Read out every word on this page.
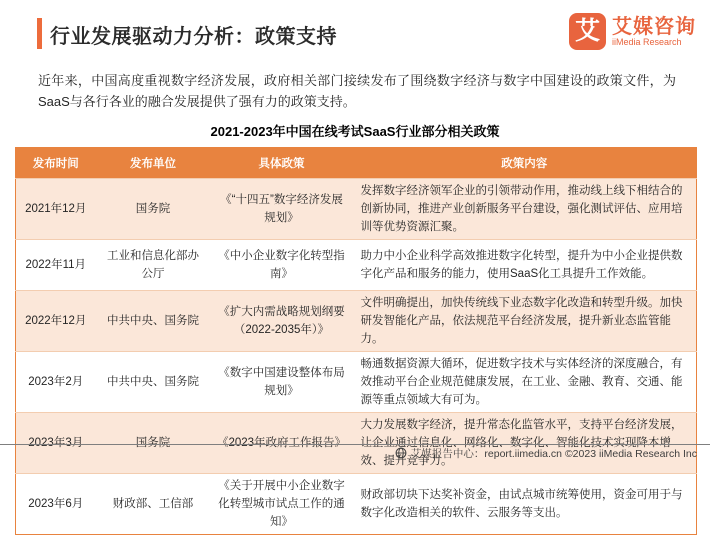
行业发展驱动力分析：政策支持	艾 艾媒咨询
iiMedia Research

近年来，中国高度重视数字经济发展，政府相关部门接续发布了围绕数字经济与数字中国建设的政策文件，为SaaS与各行各业的融合发展提供了强有力的政策支持。

2021-2023年中国在线考试SaaS行业部分相关政策
发布时间	发布单位	具体政策	政策内容
2021年12月	国务院	《“十四五”数字经济发展规划》	发挥数字经济领军企业的引领带动作用，推动线上线下相结合的创新协同，推进产业创新服务平台建设，强化测试评估、应用培训等优势资源汇聚。
2022年11月	工业和信息化部办公厅	《中小企业数字化转型指南》	助力中小企业科学高效推进数字化转型，提升为中小企业提供数字化产品和服务的能力，使用SaaS化工具提升工作效能。
2022年12月	中共中央、国务院	《扩大内需战略规划纲要（2022-2035年）》	文件明确提出，加快传统线下业态数字化改造和转型升级。加快研发智能化产品，依法规范平台经济发展，提升新业态监管能力。
2023年2月	中共中央、国务院	《数字中国建设整体布局规划》	畅通数据资源大循环，促进数字技术与实体经济的深度融合，有效推动平台企业规范健康发展，在工业、金融、教育、交通、能源等重点领域大有可为。
2023年3月	国务院	《2023年政府工作报告》	大力发展数字经济，提升常态化监管水平，支持平台经济发展，让企业通过信息化、网络化、数字化、智能化技术实现降本增效、提升竞争力。
2023年6月	财政部、工信部	《关于开展中小企业数字化转型城市试点工作的通知》	财政部切块下达奖补资金，由试点城市统筹使用，资金可用于与数字化改造相关的软件、云服务等支出。
艾媒报告中心：report.iimedia.cn ©2023 iiMedia Research Inc
